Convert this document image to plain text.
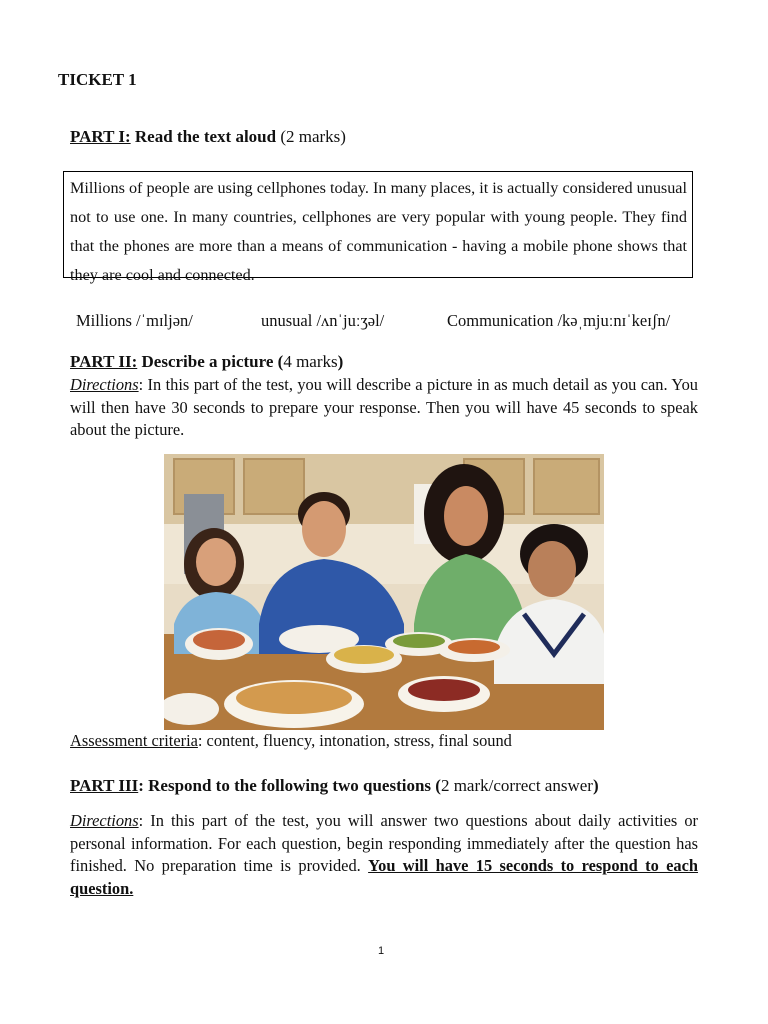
TICKET 1
PART I: Read the text aloud (2 marks)
Millions of people are using cellphones today. In many places, it is actually considered unusual not to use one. In many countries, cellphones are very popular with young people. They find that the phones are more than a means of communication - having a mobile phone shows that they are cool and connected.
Millions /ˈmɪljən/	unusual /ʌnˈjuːʒəl/	Communication /kəˌmjuːnɪˈkeɪʃn/
PART II: Describe a picture (4 marks)
Directions: In this part of the test, you will describe a picture in as much detail as you can. You will then have 30 seconds to prepare your response. Then you will have 45 seconds to speak about the picture.
Assessment criteria: content, fluency, intonation, stress, final sound
PART III: Respond to the following two questions (2 mark/correct answer)
Directions: In this part of the test, you will answer two questions about daily activities or personal information. For each question, begin responding immediately after the question has finished. No preparation time is provided. You will have 15 seconds to respond to each question.
1
